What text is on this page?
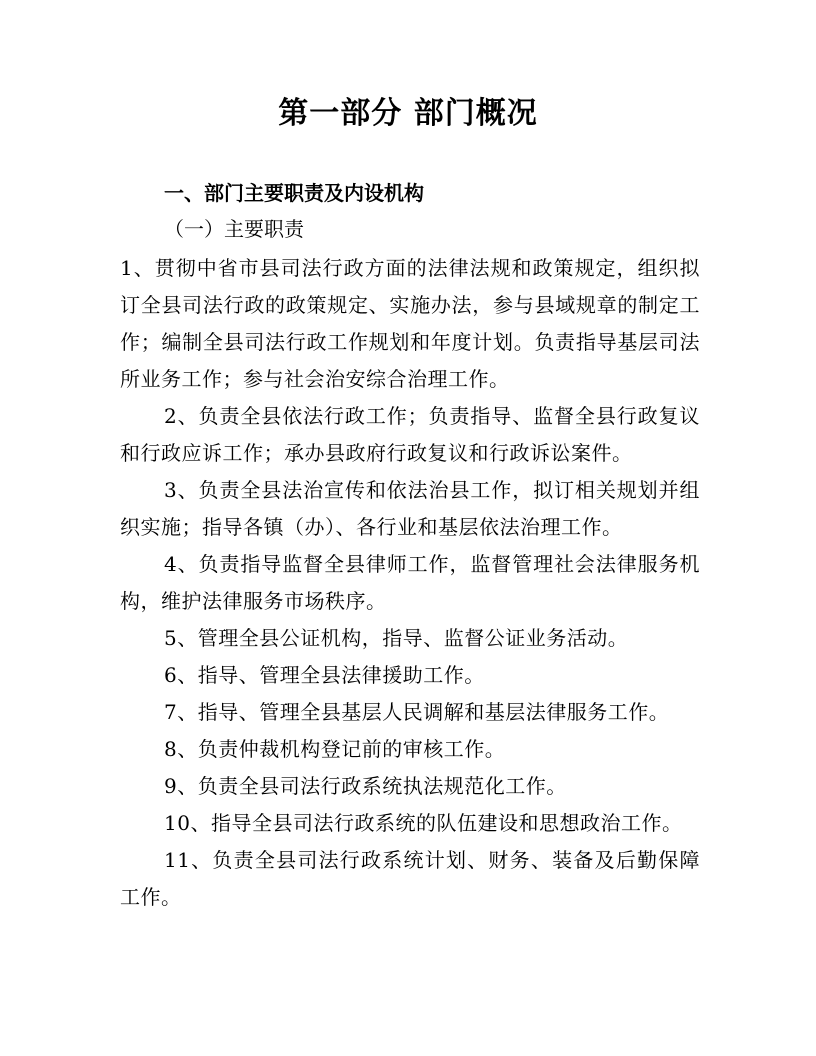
第一部分 部门概况
一、部门主要职责及内设机构
（一）主要职责

1、贯彻中省市县司法行政方面的法律法规和政策规定，组织拟订全县司法行政的政策规定、实施办法，参与县域规章的制定工作；编制全县司法行政工作规划和年度计划。负责指导基层司法所业务工作；参与社会治安综合治理工作。

2、负责全县依法行政工作；负责指导、监督全县行政复议和行政应诉工作；承办县政府行政复议和行政诉讼案件。

3、负责全县法治宣传和依法治县工作，拟订相关规划并组织实施；指导各镇（办）、各行业和基层依法治理工作。

4、负责指导监督全县律师工作，监督管理社会法律服务机构，维护法律服务市场秩序。

5、管理全县公证机构，指导、监督公证业务活动。

6、指导、管理全县法律援助工作。

7、指导、管理全县基层人民调解和基层法律服务工作。

8、负责仲裁机构登记前的审核工作。

9、负责全县司法行政系统执法规范化工作。

10、指导全县司法行政系统的队伍建设和思想政治工作。

11、负责全县司法行政系统计划、财务、装备及后勤保障工作。
